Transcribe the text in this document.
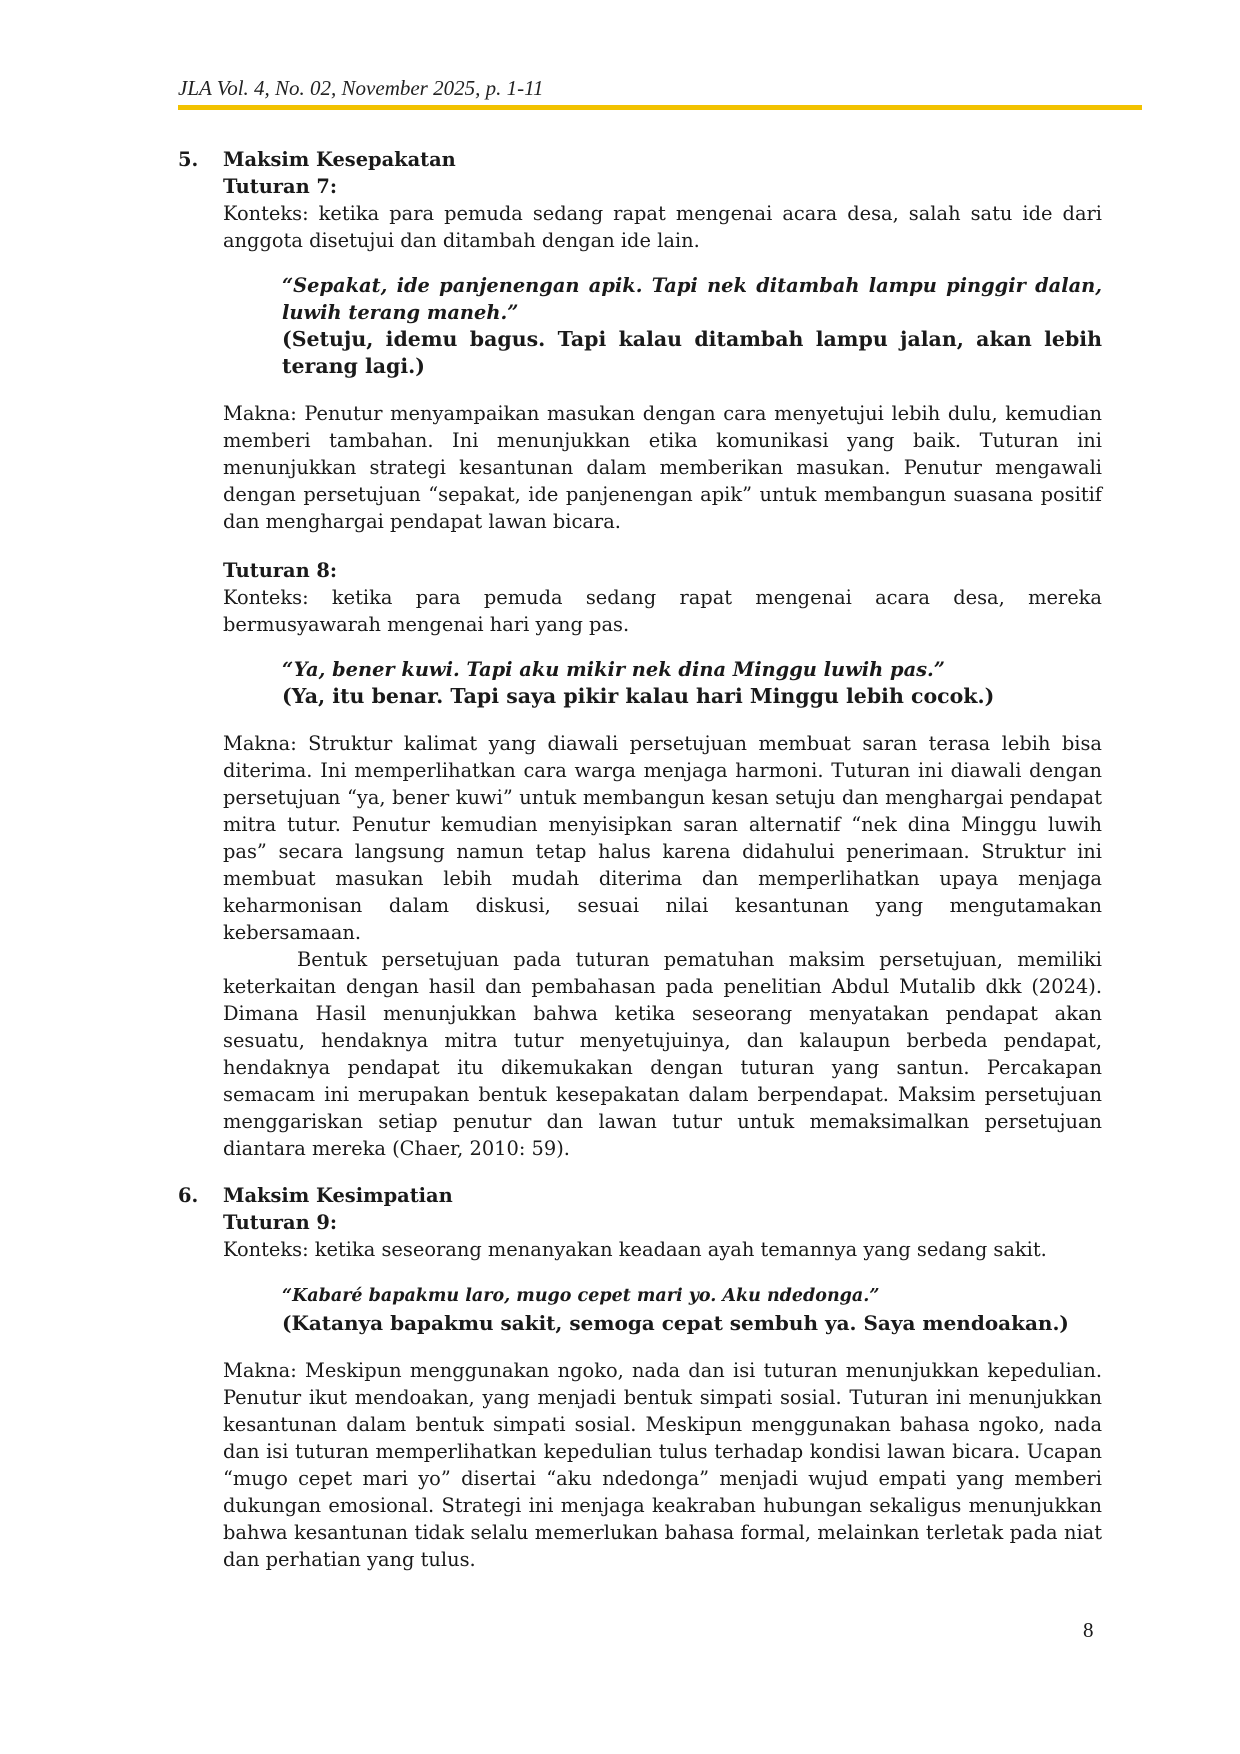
JLA Vol. 4, No. 02, November 2025, p. 1-11
5.	Maksim Kesepakatan
Tuturan 7:
Konteks: ketika para pemuda sedang rapat mengenai acara desa, salah satu ide dari anggota disetujui dan ditambah dengan ide lain.
“Sepakat, ide panjenengan apik. Tapi nek ditambah lampu pinggir dalan, luwih terang maneh.”
(Setuju, idemu bagus. Tapi kalau ditambah lampu jalan, akan lebih terang lagi.)
Makna: Penutur menyampaikan masukan dengan cara menyetujui lebih dulu, kemudian memberi tambahan. Ini menunjukkan etika komunikasi yang baik. Tuturan ini menunjukkan strategi kesantunan dalam memberikan masukan. Penutur mengawali dengan persetujuan “sepakat, ide panjenengan apik” untuk membangun suasana positif dan menghargai pendapat lawan bicara.
Tuturan 8:
Konteks: ketika para pemuda sedang rapat mengenai acara desa, mereka bermusyawarah mengenai hari yang pas.
“Ya, bener kuwi. Tapi aku mikir nek dina Minggu luwih pas.”
(Ya, itu benar. Tapi saya pikir kalau hari Minggu lebih cocok.)
Makna: Struktur kalimat yang diawali persetujuan membuat saran terasa lebih bisa diterima. Ini memperlihatkan cara warga menjaga harmoni. Tuturan ini diawali dengan persetujuan “ya, bener kuwi” untuk membangun kesan setuju dan menghargai pendapat mitra tutur. Penutur kemudian menyisipkan saran alternatif “nek dina Minggu luwih pas” secara langsung namun tetap halus karena didahului penerimaan. Struktur ini membuat masukan lebih mudah diterima dan memperlihatkan upaya menjaga keharmonisan dalam diskusi, sesuai nilai kesantunan yang mengutamakan kebersamaan.
Bentuk persetujuan pada tuturan pematuhan maksim persetujuan, memiliki keterkaitan dengan hasil dan pembahasan pada penelitian Abdul Mutalib dkk (2024). Dimana Hasil menunjukkan bahwa ketika seseorang menyatakan pendapat akan sesuatu, hendaknya mitra tutur menyetujuinya, dan kalaupun berbeda pendapat, hendaknya pendapat itu dikemukakan dengan tuturan yang santun. Percakapan semacam ini merupakan bentuk kesepakatan dalam berpendapat. Maksim persetujuan menggariskan setiap penutur dan lawan tutur untuk memaksimalkan persetujuan diantara mereka (Chaer, 2010: 59).
6.	Maksim Kesimpatian
Tuturan 9:
Konteks: ketika seseorang menanyakan keadaan ayah temannya yang sedang sakit.
“Kabaré bapakmu laro, mugo cepet mari yo. Aku ndedonga.”
(Katanya bapakmu sakit, semoga cepat sembuh ya. Saya mendoakan.)
Makna: Meskipun menggunakan ngoko, nada dan isi tuturan menunjukkan kepedulian. Penutur ikut mendoakan, yang menjadi bentuk simpati sosial. Tuturan ini menunjukkan kesantunan dalam bentuk simpati sosial. Meskipun menggunakan bahasa ngoko, nada dan isi tuturan memperlihatkan kepedulian tulus terhadap kondisi lawan bicara. Ucapan “mugo cepet mari yo” disertai “aku ndedonga” menjadi wujud empati yang memberi dukungan emosional. Strategi ini menjaga keakraban hubungan sekaligus menunjukkan bahwa kesantunan tidak selalu memerlukan bahasa formal, melainkan terletak pada niat dan perhatian yang tulus.
8
